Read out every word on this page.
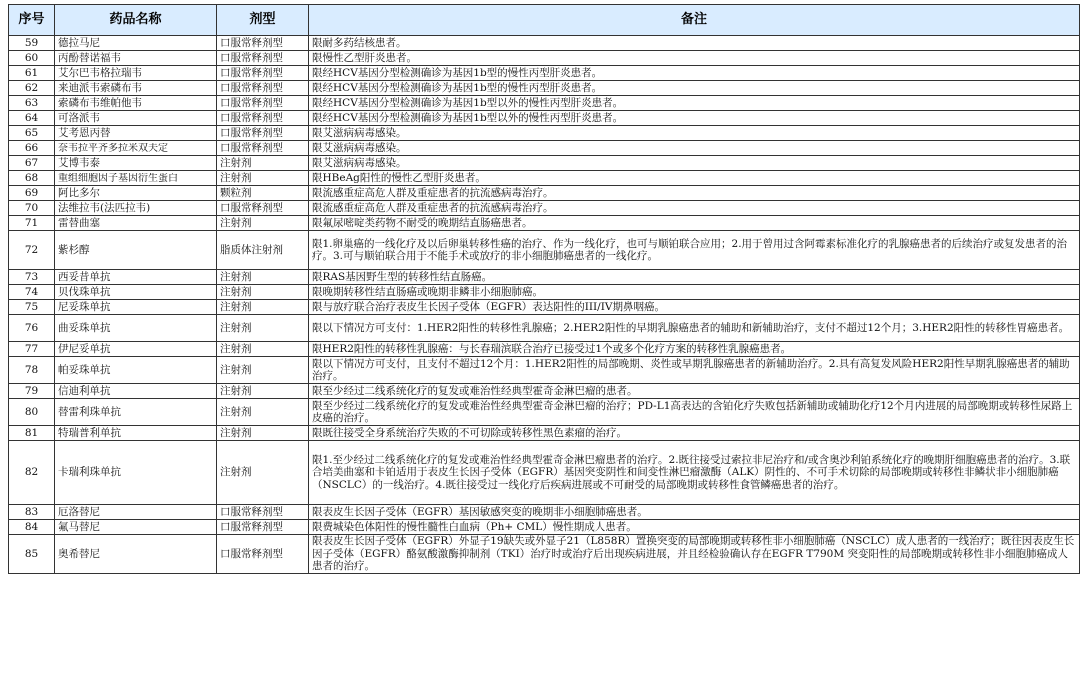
序号	药品名称	剂型	备注
59	德拉马尼	口服常释剂型	限耐多药结核患者。
60	丙酚替诺福韦	口服常释剂型	限慢性乙型肝炎患者。
61	艾尔巴韦格拉瑞韦	口服常释剂型	限经HCV基因分型检测确诊为基因1b型的慢性丙型肝炎患者。
62	来迪派韦索磷布韦	口服常释剂型	限经HCV基因分型检测确诊为基因1b型的慢性丙型肝炎患者。
63	索磷布韦维帕他韦	口服常释剂型	限经HCV基因分型检测确诊为基因1b型以外的慢性丙型肝炎患者。
64	可洛派韦	口服常释剂型	限经HCV基因分型检测确诊为基因1b型以外的慢性丙型肝炎患者。
65	艾考恩丙替	口服常释剂型	限艾滋病病毒感染。
66	奈韦拉平齐多拉米双夫定	口服常释剂型	限艾滋病病毒感染。
67	艾博韦泰	注射剂	限艾滋病病毒感染。
68	重组细胞因子基因衍生蛋白	注射剂	限HBeAg阳性的慢性乙型肝炎患者。
69	阿比多尔	颗粒剂	限流感重症高危人群及重症患者的抗流感病毒治疗。
70	法维拉韦(法匹拉韦)	口服常释剂型	限流感重症高危人群及重症患者的抗流感病毒治疗。
71	雷替曲塞	注射剂	限氟尿嘧啶类药物不耐受的晚期结直肠癌患者。
72	紫杉醇	脂质体注射剂	限1.卵巢癌的一线化疗及以后卵巢转移性癌的治疗、作为一线化疗，也可与顺铂联合应用；2.用于曾用过含阿霉素标准化疗的乳腺癌患者的后续治疗或复发患者的治疗。3.可与顺铂联合用于不能手术或放疗的非小细胞肺癌患者的一线化疗。
73	西妥昔单抗	注射剂	限RAS基因野生型的转移性结直肠癌。
74	贝伐珠单抗	注射剂	限晚期转移性结直肠癌或晚期非鳞非小细胞肺癌。
75	尼妥珠单抗	注射剂	限与放疗联合治疗表皮生长因子受体（EGFR）表达阳性的III/IV期鼻咽癌。
76	曲妥珠单抗	注射剂	限以下情况方可支付：1.HER2阳性的转移性乳腺癌；2.HER2阳性的早期乳腺癌患者的辅助和新辅助治疗，支付不超过12个月；3.HER2阳性的转移性胃癌患者。
77	伊尼妥单抗	注射剂	限HER2阳性的转移性乳腺癌：与长春瑞滨联合治疗已接受过1个或多个化疗方案的转移性乳腺癌患者。
78	帕妥珠单抗	注射剂	限以下情况方可支付，且支付不超过12个月：1.HER2阳性的局部晚期、炎性或早期乳腺癌患者的新辅助治疗。2.具有高复发风险HER2阳性早期乳腺癌患者的辅助治疗。
79	信迪利单抗	注射剂	限至少经过二线系统化疗的复发或难治性经典型霍奇金淋巴瘤的患者。
80	替雷利珠单抗	注射剂	限至少经过二线系统化疗的复发或难治性经典型霍奇金淋巴瘤的治疗；PD-L1高表达的含铂化疗失败包括新辅助或辅助化疗12个月内进展的局部晚期或转移性尿路上皮癌的治疗。
81	特瑞普利单抗	注射剂	限既往接受全身系统治疗失败的不可切除或转移性黑色素瘤的治疗。
82	卡瑞利珠单抗	注射剂	限1.至少经过二线系统化疗的复发或难治性经典型霍奇金淋巴瘤患者的治疗。2.既往接受过索拉非尼治疗和/或含奥沙利铂系统化疗的晚期肝细胞癌患者的治疗。3.联合培美曲塞和卡铂适用于表皮生长因子受体（EGFR）基因突变阴性和间变性淋巴瘤激酶（ALK）阴性的、不可手术切除的局部晚期或转移性非鳞状非小细胞肺癌（NSCLC）的一线治疗。4.既往接受过一线化疗后疾病进展或不可耐受的局部晚期或转移性食管鳞癌患者的治疗。
83	厄洛替尼	口服常释剂型	限表皮生长因子受体（EGFR）基因敏感突变的晚期非小细胞肺癌患者。
84	氟马替尼	口服常释剂型	限费城染色体阳性的慢性髓性白血病（Ph+ CML）慢性期成人患者。
85	奥希替尼	口服常释剂型	限表皮生长因子受体（EGFR）外显子19缺失或外显子21（L858R）置换突变的局部晚期或转移性非小细胞肺癌（NSCLC）成人患者的一线治疗；既往因表皮生长因子受体（EGFR）酪氨酸激酶抑制剂（TKI）治疗时或治疗后出现疾病进展，并且经检验确认存在EGFR T790M 突变阳性的局部晚期或转移性非小细胞肺癌成人患者的治疗。
